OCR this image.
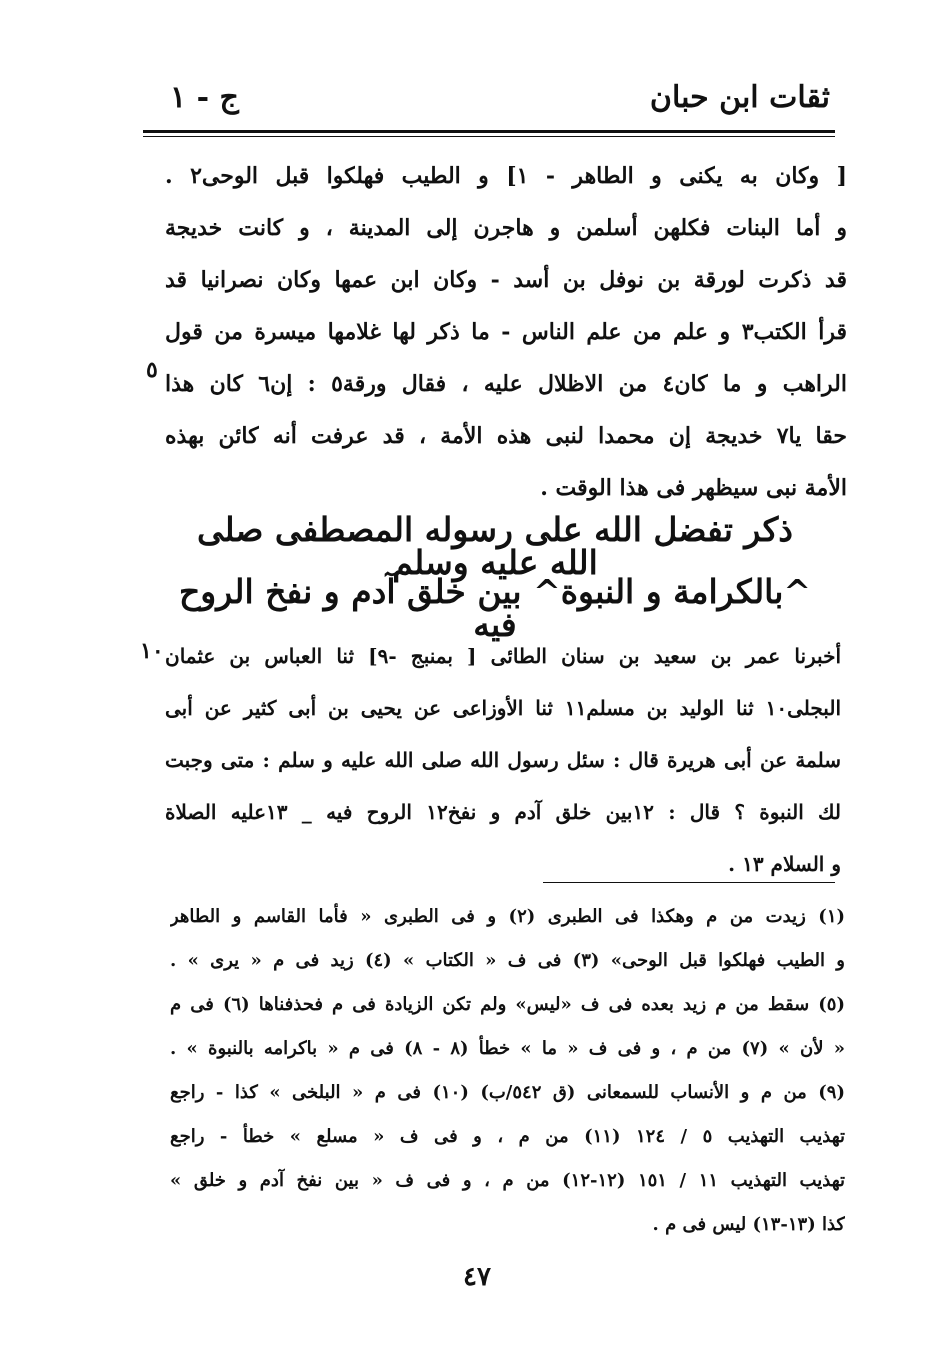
ثقات ابن حبان
ج - ١
[ وكان به يكنى و الطاهر - ١] و الطيب فهلكوا قبل الوحى٢ .
و أما البنات فكلهن أسلمن و هاجرن إلى المدينة ، و كانت خديجة
قد ذكرت لورقة بن نوفل بن أسد - وكان ابن عمها وكان نصرانيا قد
قرأ الكتب٣ و علم من علم الناس - ما ذكر لها غلامها ميسرة من قول
الراهب و ما كان٤ من الاظلال عليه ، فقال ورقة٥ : إن٦ كان هذا
حقا يا٧ خديجة إن محمدا لنبى هذه الأمة ، قد عرفت أنه كائن بهذه
الأمة نبى سيظهر فى هذا الوقت .
٥
ذكر تفضل الله على رسوله المصطفى صلى الله عليه وسلم
^بالكرامة و النبوة^ بين خلق آدم و نفخ الروح فيه
أخبرنا عمر بن سعيد بن سنان الطائى [ بمنبج -٩] ثنا العباس بن عثمان
البجلى١٠ ثنا الوليد بن مسلم١١ ثنا الأوزاعى عن يحيى بن أبى كثير عن أبى
سلمة عن أبى هريرة قال : سئل رسول الله صلى الله عليه و سلم : متى وجبت
لك النبوة ؟ قال : ١٢بين خلق آدم و نفخ١٢ الروح فيه _ ١٣عليه الصلاة
و السلام ١٣ .
١٠
(١) زيدت من م وهكذا فى الطبرى (٢) و فى الطبرى « فأما القاسم و الطاهر
و الطيب فهلكوا قبل الوحى» (٣) فى ف « الكتاب » (٤) زيد فى م « يرى » .
(٥) سقط من م زيد بعده فى ف «ليس» ولم تكن الزيادة فى م فحذفناها (٦) فى م
« لأن » (٧) من م ، و فى ف « ما » خطأ (٨ - ٨) فى م « باكرامه بالنبوة » .
(٩) من م و الأنساب للسمعانى (ق ٥٤٢/ب) (١٠) فى م « البلخى » كذا - راجع
تهذيب التهذيب ٥ / ١٢٤ (١١) من م ، و فى ف « مسلع » خطأ - راجع
تهذيب التهذيب ١١ / ١٥١ (١٢-١٢) من م ، و فى ف « بين نفخ آدم و خلق »
كذا (١٣-١٣) ليس فى م .
٤٧
